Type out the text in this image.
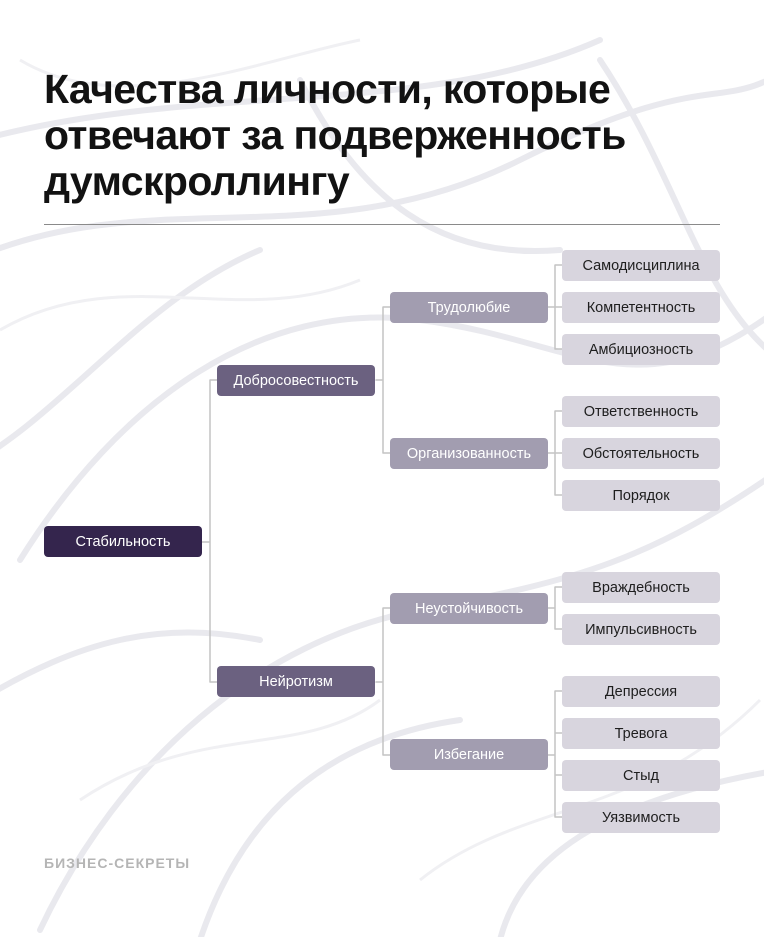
Качества личности, которые отвечают за подверженность думскроллингу
Стабильность
Добросовестность
Нейротизм
Трудолюбие
Организованность
Неустойчивость
Избегание
Самодисциплина
Компетентность
Амбициозность
Ответственность
Обстоятельность
Порядок
Враждебность
Импульсивность
Депрессия
Тревога
Стыд
Уязвимость

БИЗНЕС-СЕКРЕТЫ
